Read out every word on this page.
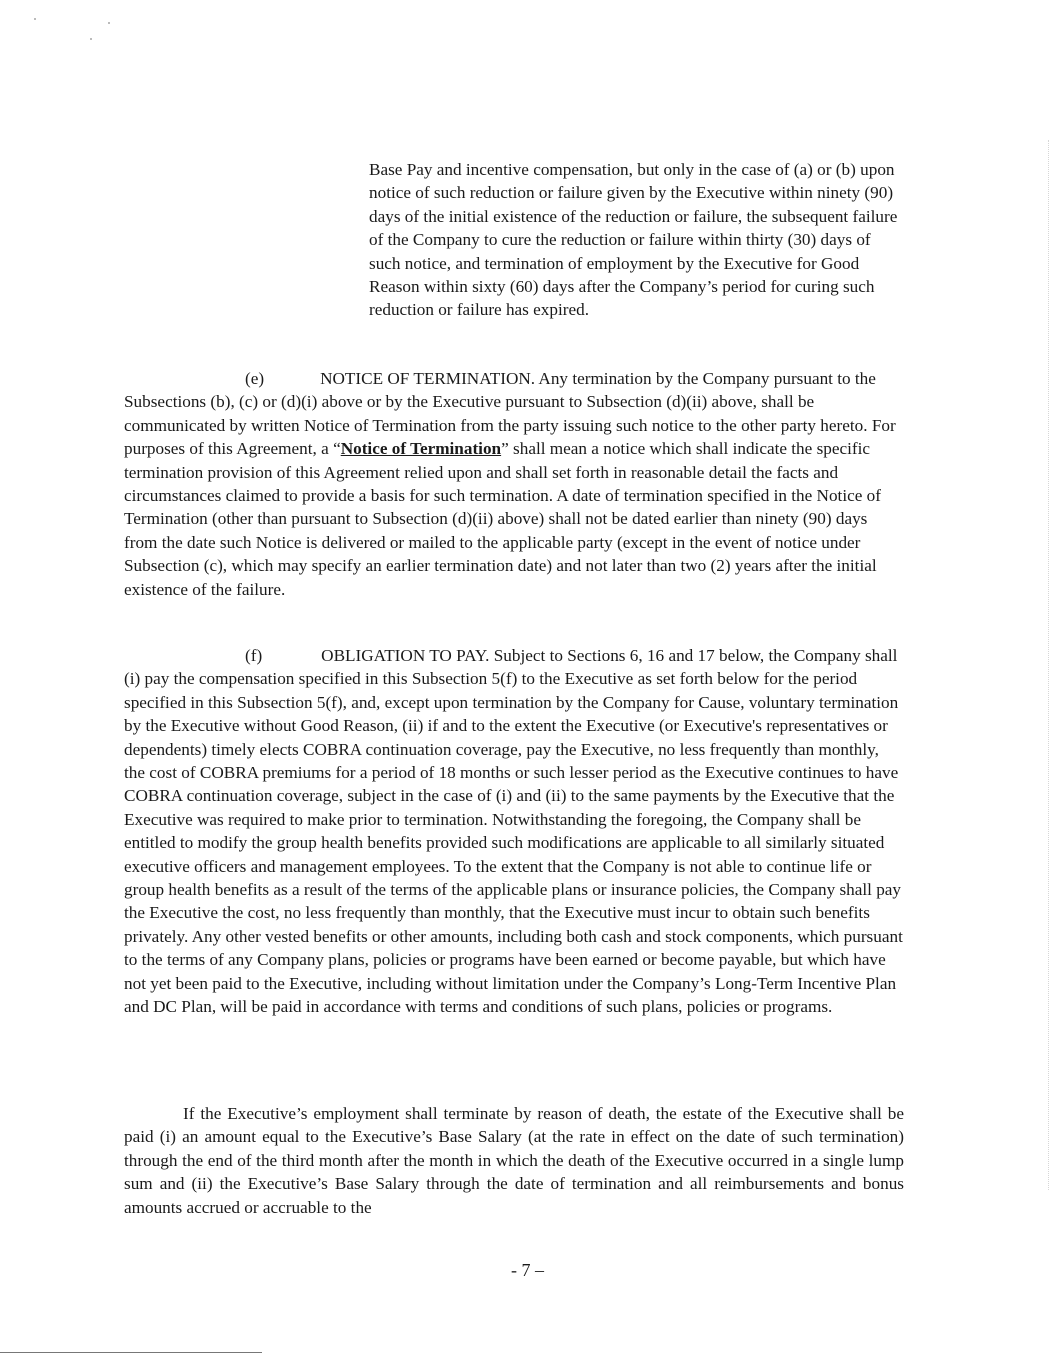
Base Pay and incentive compensation, but only in the case of (a) or (b) upon notice of such reduction or failure given by the Executive within ninety (90) days of the initial existence of the reduction or failure, the subsequent failure of the Company to cure the reduction or failure within thirty (30) days of such notice, and termination of employment by the Executive for Good Reason within sixty (60) days after the Company’s period for curing such reduction or failure has expired.

(e)	NOTICE OF TERMINATION. Any termination by the Company pursuant to the Subsections (b), (c) or (d)(i) above or by the Executive pursuant to Subsection (d)(ii) above, shall be communicated by written Notice of Termination from the party issuing such notice to the other party hereto. For purposes of this Agreement, a “Notice of Termination” shall mean a notice which shall indicate the specific termination provision of this Agreement relied upon and shall set forth in reasonable detail the facts and circumstances claimed to provide a basis for such termination. A date of termination specified in the Notice of Termination (other than pursuant to Subsection (d)(ii) above) shall not be dated earlier than ninety (90) days from the date such Notice is delivered or mailed to the applicable party (except in the event of notice under Subsection (c), which may specify an earlier termination date) and not later than two (2) years after the initial existence of the failure.

(f)	OBLIGATION TO PAY. Subject to Sections 6, 16 and 17 below, the Company shall (i) pay the compensation specified in this Subsection 5(f) to the Executive as set forth below for the period specified in this Subsection 5(f), and, except upon termination by the Company for Cause, voluntary termination by the Executive without Good Reason, (ii) if and to the extent the Executive (or Executive's representatives or dependents) timely elects COBRA continuation coverage, pay the Executive, no less frequently than monthly, the cost of COBRA premiums for a period of 18 months or such lesser period as the Executive continues to have COBRA continuation coverage, subject in the case of (i) and (ii) to the same payments by the Executive that the Executive was required to make prior to termination. Notwithstanding the foregoing, the Company shall be entitled to modify the group health benefits provided such modifications are applicable to all similarly situated executive officers and management employees. To the extent that the Company is not able to continue life or group health benefits as a result of the terms of the applicable plans or insurance policies, the Company shall pay the Executive the cost, no less frequently than monthly, that the Executive must incur to obtain such benefits privately. Any other vested benefits or other amounts, including both cash and stock components, which pursuant to the terms of any Company plans, policies or programs have been earned or become payable, but which have not yet been paid to the Executive, including without limitation under the Company’s Long-Term Incentive Plan and DC Plan, will be paid in accordance with terms and conditions of such plans, policies or programs.

If the Executive’s employment shall terminate by reason of death, the estate of the Executive shall be paid (i) an amount equal to the Executive’s Base Salary (at the rate in effect on the date of such termination) through the end of the third month after the month in which the death of the Executive occurred in a single lump sum and (ii) the Executive’s Base Salary through the date of termination and all reimbursements and bonus amounts accrued or accruable to the

- 7 –
